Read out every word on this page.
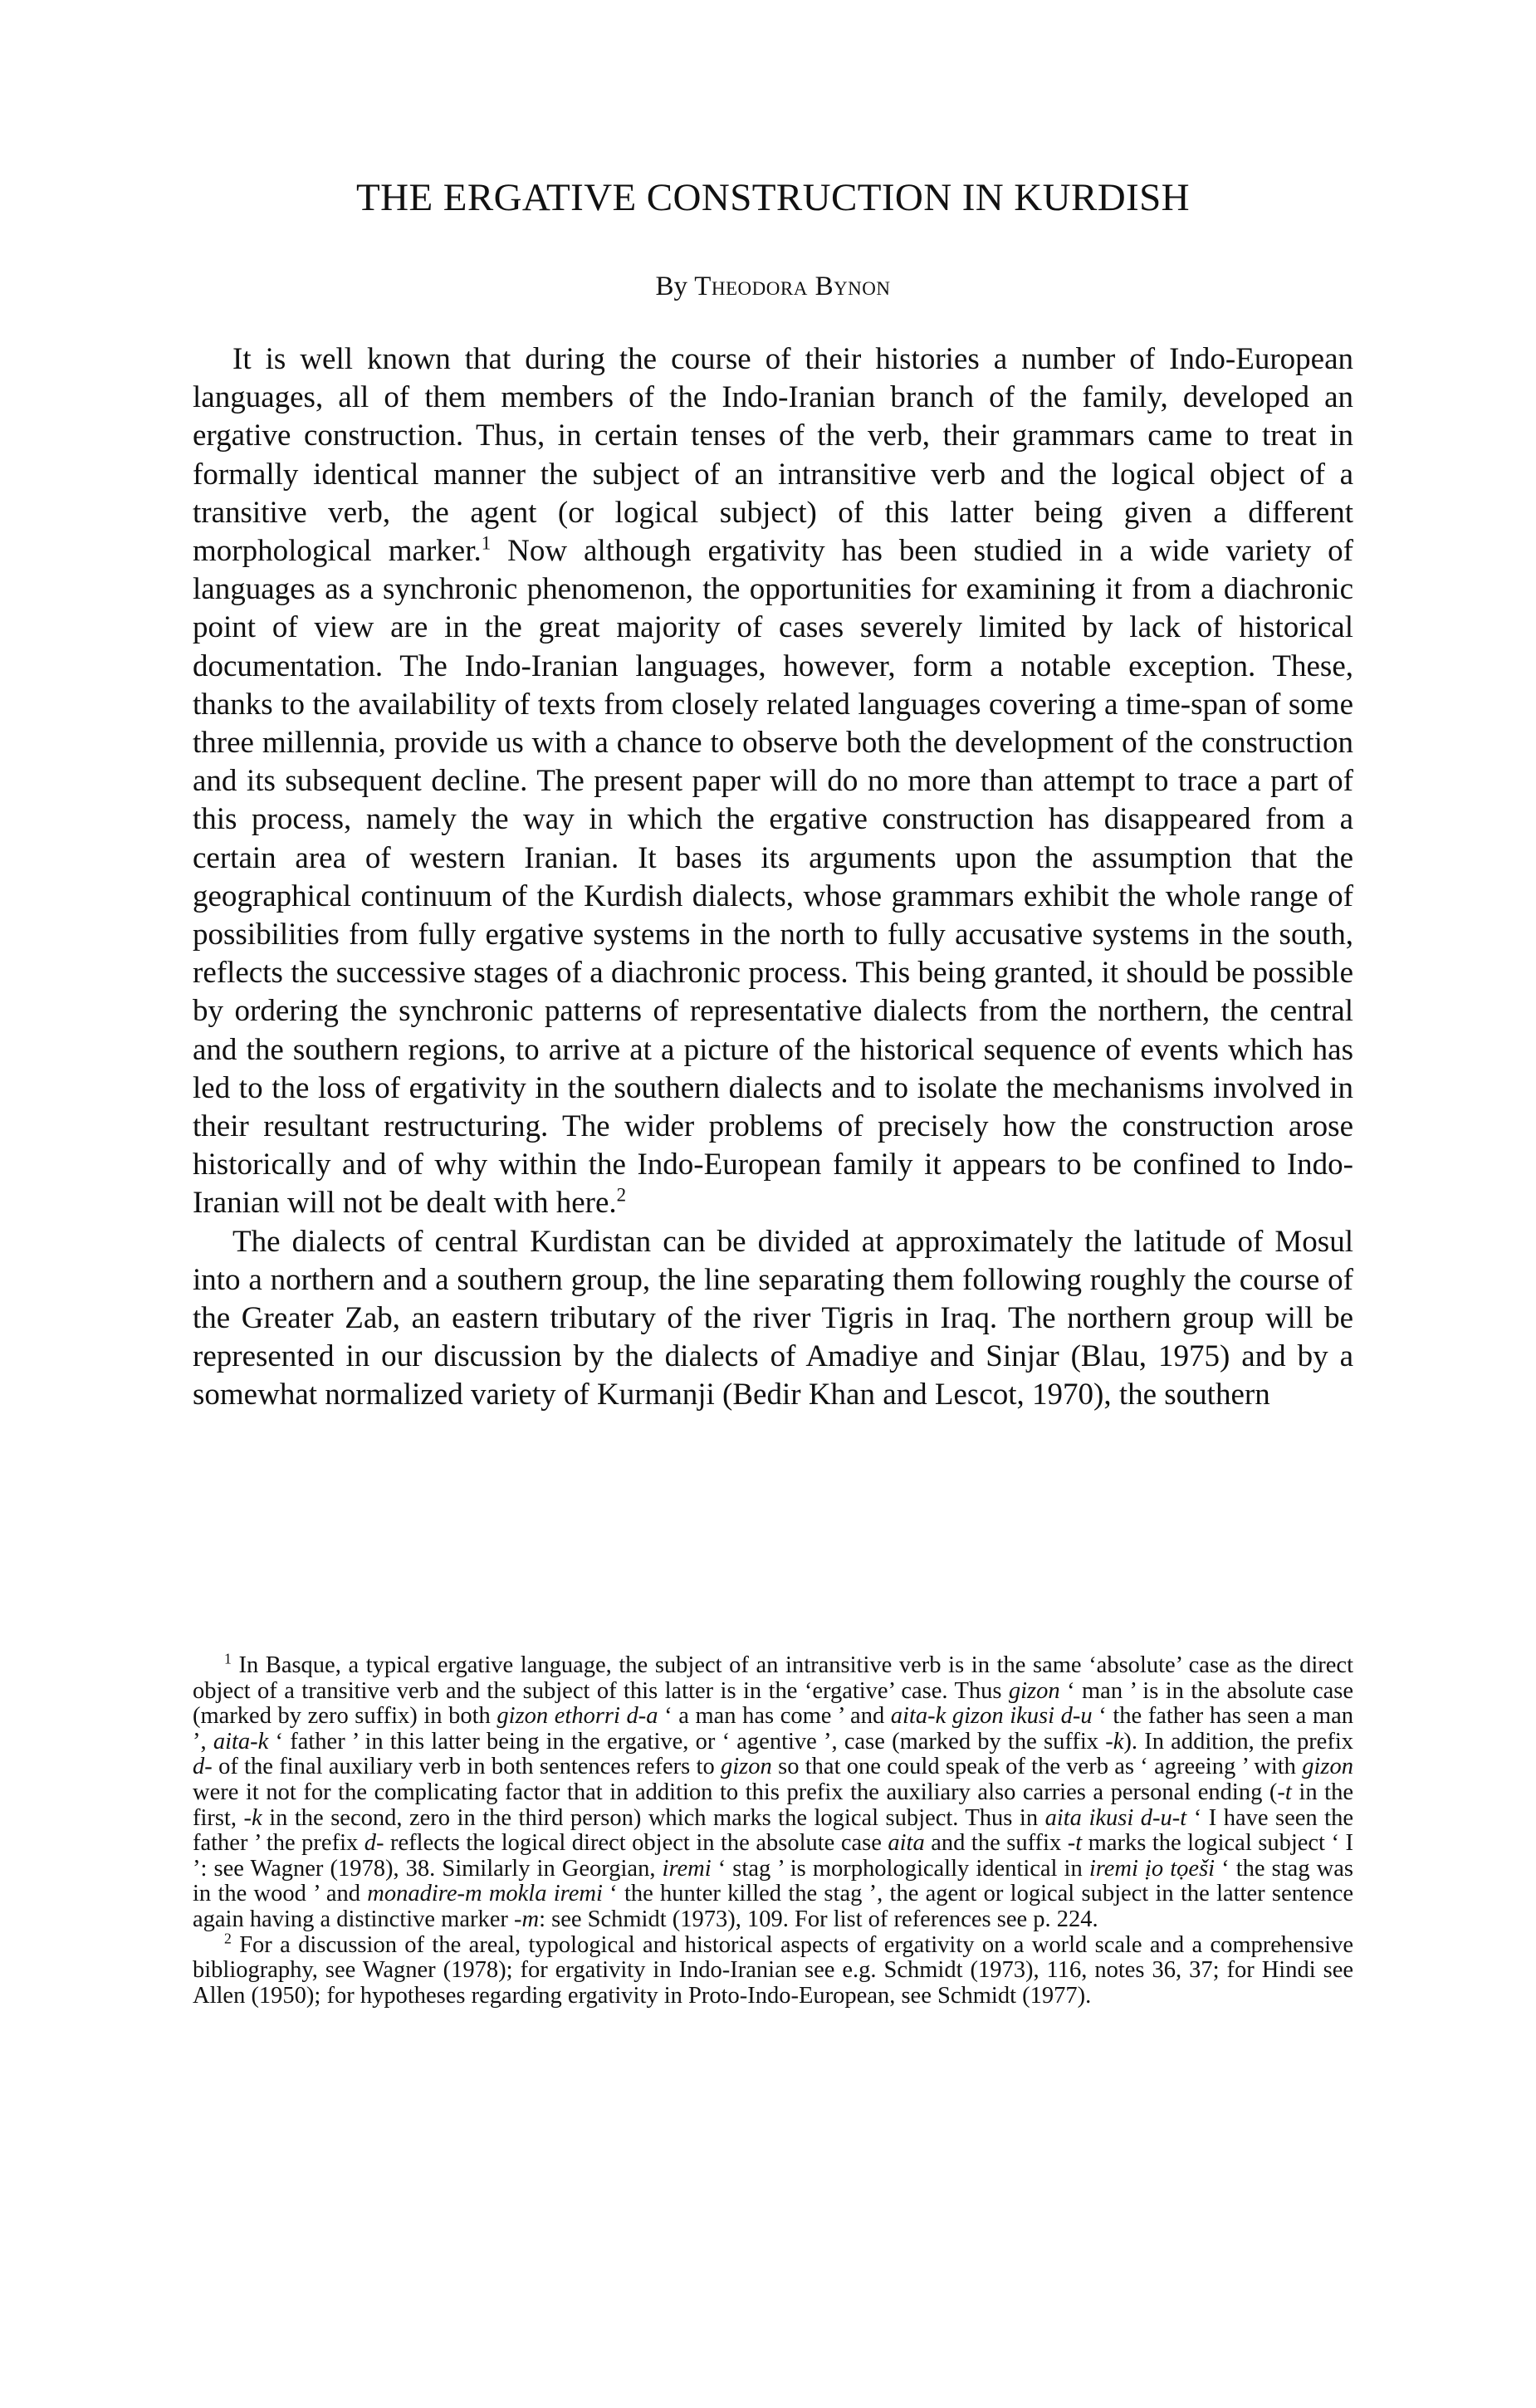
THE ERGATIVE CONSTRUCTION IN KURDISH
By Theodora Bynon

It is well known that during the course of their histories a number of Indo-European languages, all of them members of the Indo-Iranian branch of the family, developed an ergative construction. Thus, in certain tenses of the verb, their grammars came to treat in formally identical manner the subject of an intransitive verb and the logical object of a transitive verb, the agent (or logical subject) of this latter being given a different morphological marker.$^1$ Now although ergativity has been studied in a wide variety of languages as a synchronic phenomenon, the opportunities for examining it from a diachronic point of view are in the great majority of cases severely limited by lack of historical documentation. The Indo-Iranian languages, however, form a notable exception. These, thanks to the availability of texts from closely related languages covering a time-span of some three millennia, provide us with a chance to observe both the development of the construction and its subsequent decline. The present paper will do no more than attempt to trace a part of this process, namely the way in which the ergative construction has disappeared from a certain area of western Iranian. It bases its arguments upon the assumption that the geographical continuum of the Kurdish dialects, whose grammars exhibit the whole range of possibilities from fully ergative systems in the north to fully accusative systems in the south, reflects the successive stages of a diachronic process. This being granted, it should be possible by ordering the synchronic patterns of representative dialects from the northern, the central and the southern regions, to arrive at a picture of the historical sequence of events which has led to the loss of ergativity in the southern dialects and to isolate the mechanisms involved in their resultant restructuring. The wider problems of precisely how the construction arose historically and of why within the Indo-European family it appears to be confined to Indo-Iranian will not be dealt with here.$^2$

The dialects of central Kurdistan can be divided at approximately the latitude of Mosul into a northern and a southern group, the line separating them following roughly the course of the Greater Zab, an eastern tributary of the river Tigris in Iraq. The northern group will be represented in our discussion by the dialects of Amadiye and Sinjar (Blau, 1975) and by a somewhat normalized variety of Kurmanji (Bedir Khan and Lescot, 1970), the southern

$^1$ In Basque, a typical ergative language, the subject of an intransitive verb is in the same ‘absolute’ case as the direct object of a transitive verb and the subject of this latter is in the ‘ergative’ case. Thus gizon ‘ man ’ is in the absolute case (marked by zero suffix) in both gizon ethorri d-a ‘ a man has come ’ and aita-k gizon ikusi d-u ‘ the father has seen a man ’, aita-k ‘ father ’ in this latter being in the ergative, or ‘ agentive ’, case (marked by the suffix -k). In addition, the prefix d- of the final auxiliary verb in both sentences refers to gizon so that one could speak of the verb as ‘ agreeing ’ with gizon were it not for the complicating factor that in addition to this prefix the auxiliary also carries a personal ending (-t in the first, -k in the second, zero in the third person) which marks the logical subject. Thus in aita ikusi d-u-t ‘ I have seen the father ’ the prefix d- reflects the logical direct object in the absolute case aita and the suffix -t marks the logical subject ‘ I ’: see Wagner (1978), 38. Similarly in Georgian, iremi ‘ stag ’ is morphologically identical in iremi ịo tọeši ‘ the stag was in the wood ’ and monadire-m mokla iremi ‘ the hunter killed the stag ’, the agent or logical subject in the latter sentence again having a distinctive marker -m: see Schmidt (1973), 109. For list of references see p. 224.

$^2$ For a discussion of the areal, typological and historical aspects of ergativity on a world scale and a comprehensive bibliography, see Wagner (1978); for ergativity in Indo-Iranian see e.g. Schmidt (1973), 116, notes 36, 37; for Hindi see Allen (1950); for hypotheses regarding ergativity in Proto-Indo-European, see Schmidt (1977).
